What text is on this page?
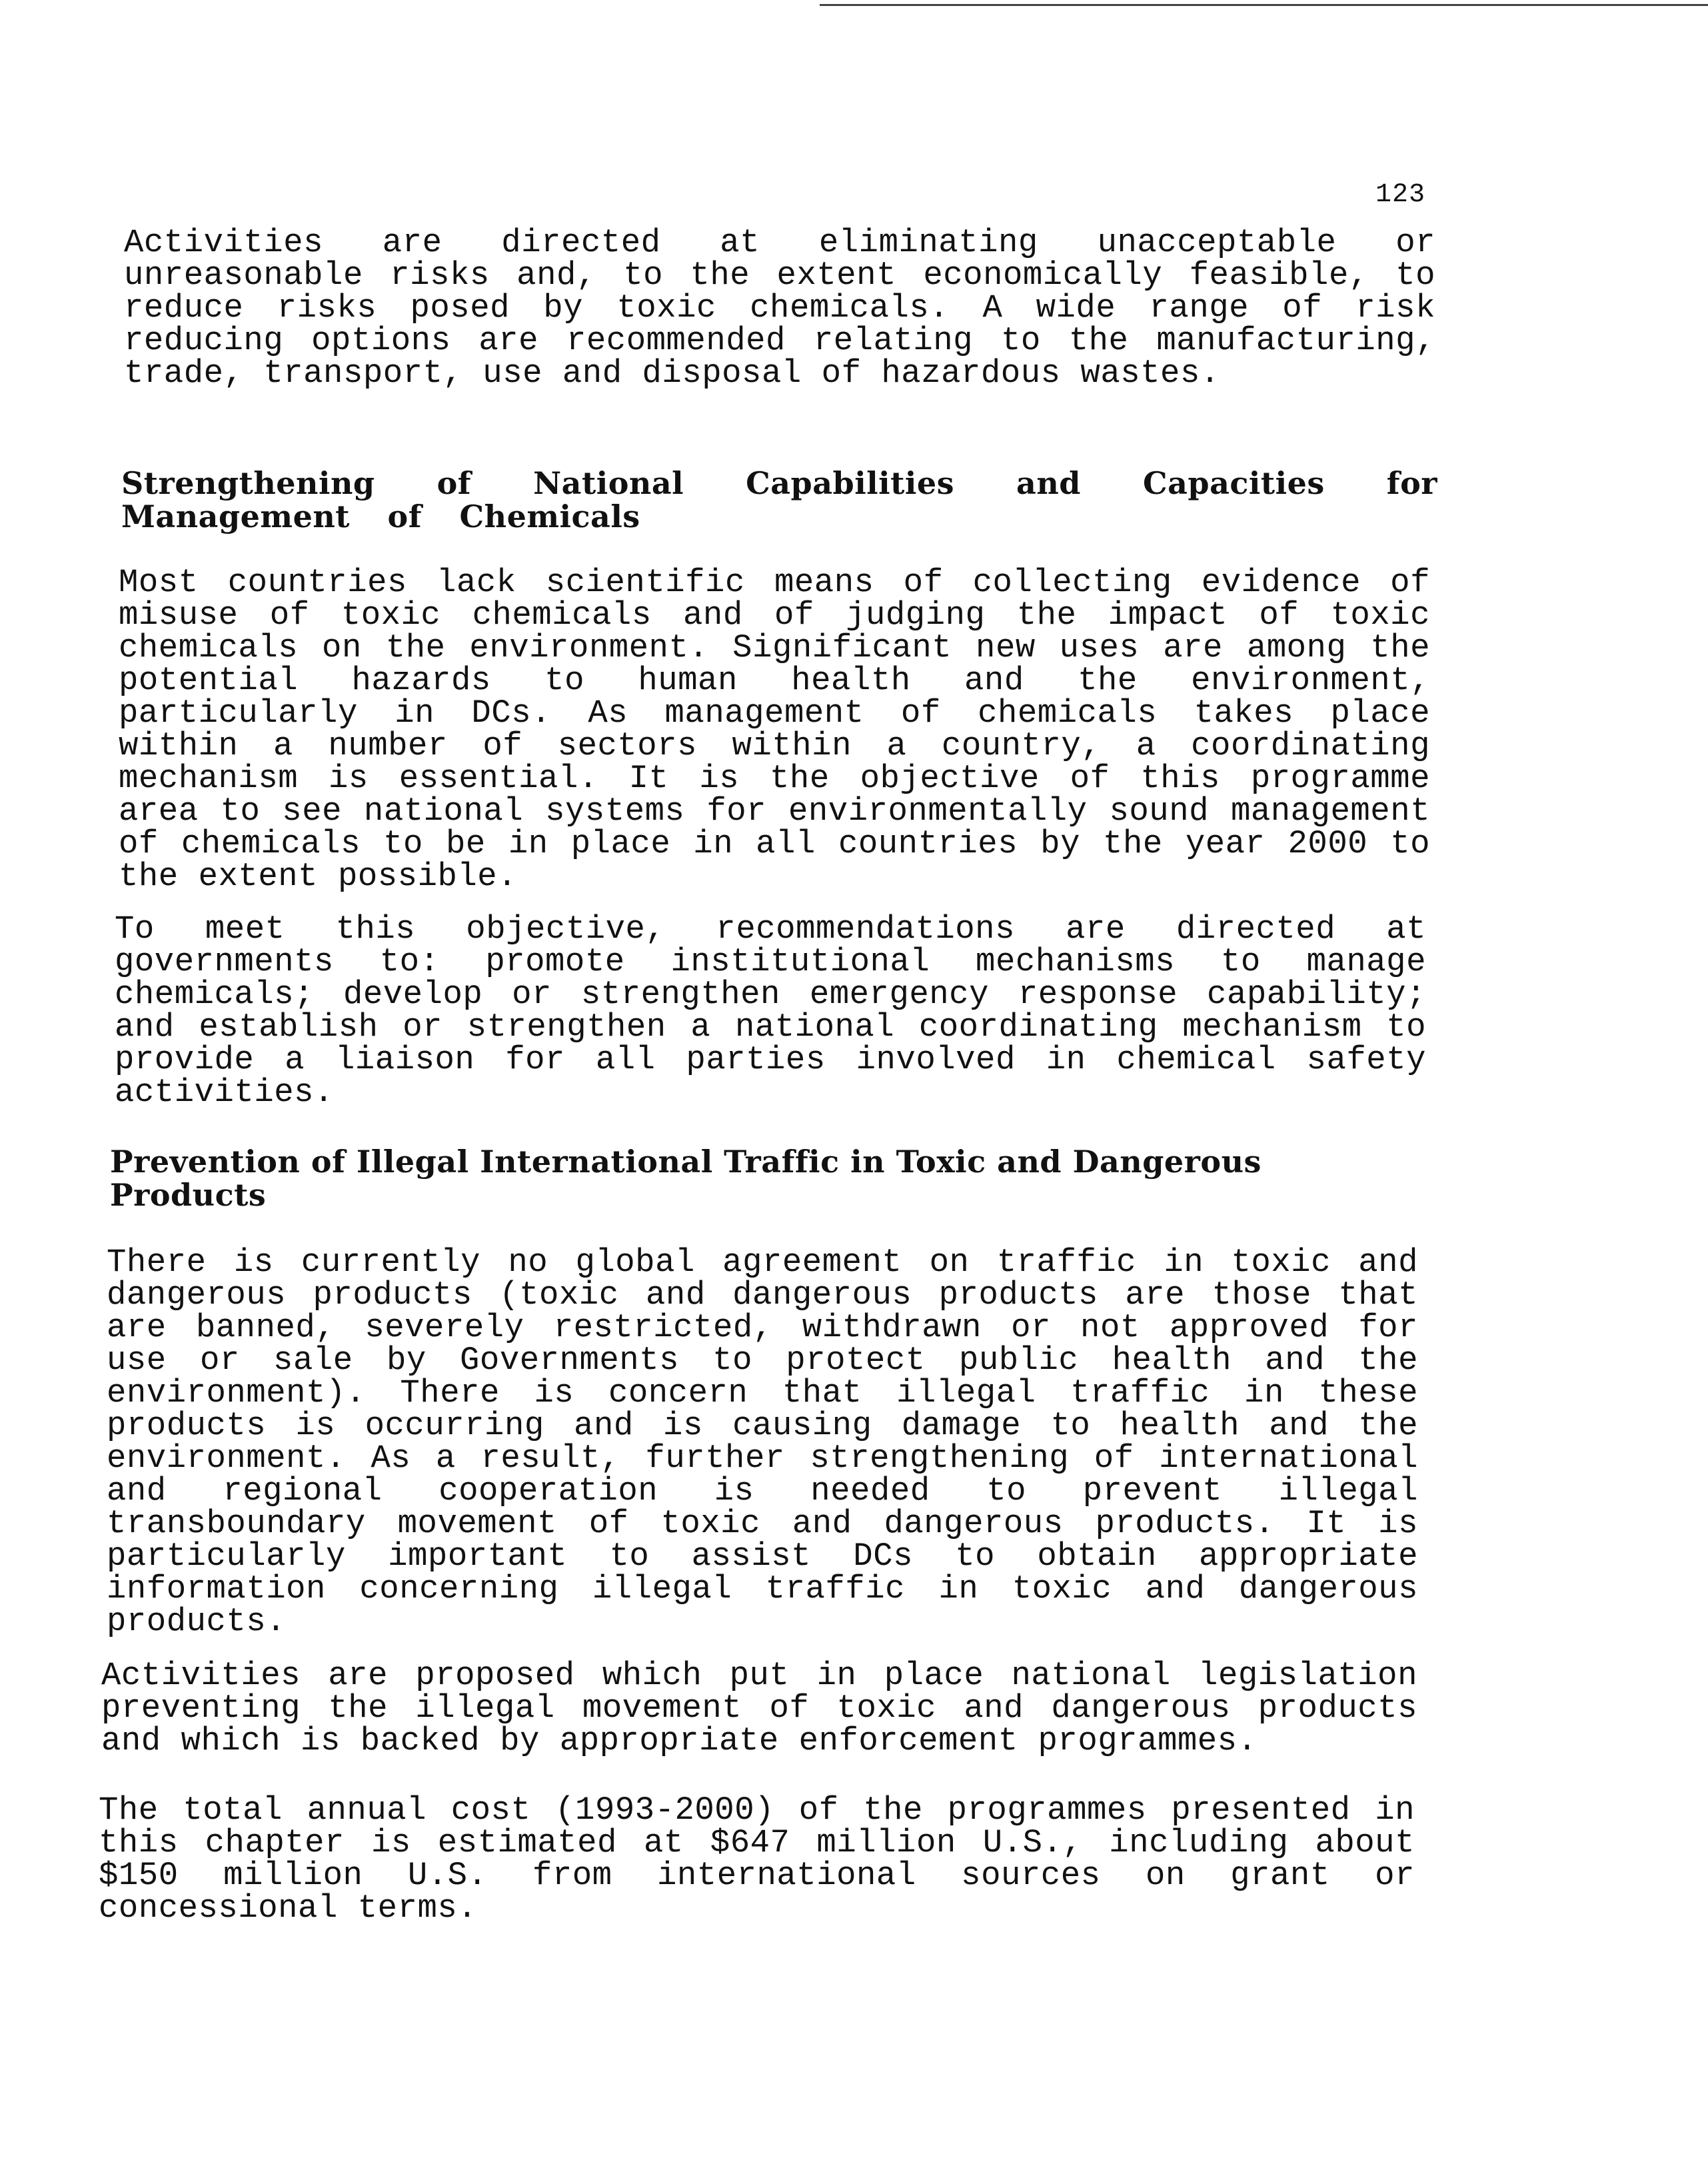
123

Activities are directed at eliminating unacceptable or unreasonable risks and, to the extent economically feasible, to reduce risks posed by toxic chemicals. A wide range of risk reducing options are recommended relating to the manufacturing, trade, transport, use and disposal of hazardous wastes.

Strengthening of National Capabilities and Capacities for Management of Chemicals

Most countries lack scientific means of collecting evidence of misuse of toxic chemicals and of judging the impact of toxic chemicals on the environment. Significant new uses are among the potential hazards to human health and the environment, particularly in DCs. As management of chemicals takes place within a number of sectors within a country, a coordinating mechanism is essential. It is the objective of this programme area to see national systems for environmentally sound management of chemicals to be in place in all countries by the year 2000 to the extent possible.

To meet this objective, recommendations are directed at governments to: promote institutional mechanisms to manage chemicals; develop or strengthen emergency response capability; and establish or strengthen a national coordinating mechanism to provide a liaison for all parties involved in chemical safety activities.

Prevention of Illegal International Traffic in Toxic and Dangerous Products

There is currently no global agreement on traffic in toxic and dangerous products (toxic and dangerous products are those that are banned, severely restricted, withdrawn or not approved for use or sale by Governments to protect public health and the environment). There is concern that illegal traffic in these products is occurring and is causing damage to health and the environment. As a result, further strengthening of international and regional cooperation is needed to prevent illegal transboundary movement of toxic and dangerous products. It is particularly important to assist DCs to obtain appropriate information concerning illegal traffic in toxic and dangerous products.

Activities are proposed which put in place national legislation preventing the illegal movement of toxic and dangerous products and which is backed by appropriate enforcement programmes.

The total annual cost (1993-2000) of the programmes presented in this chapter is estimated at $647 million U.S., including about $150 million U.S. from international sources on grant or concessional terms.
